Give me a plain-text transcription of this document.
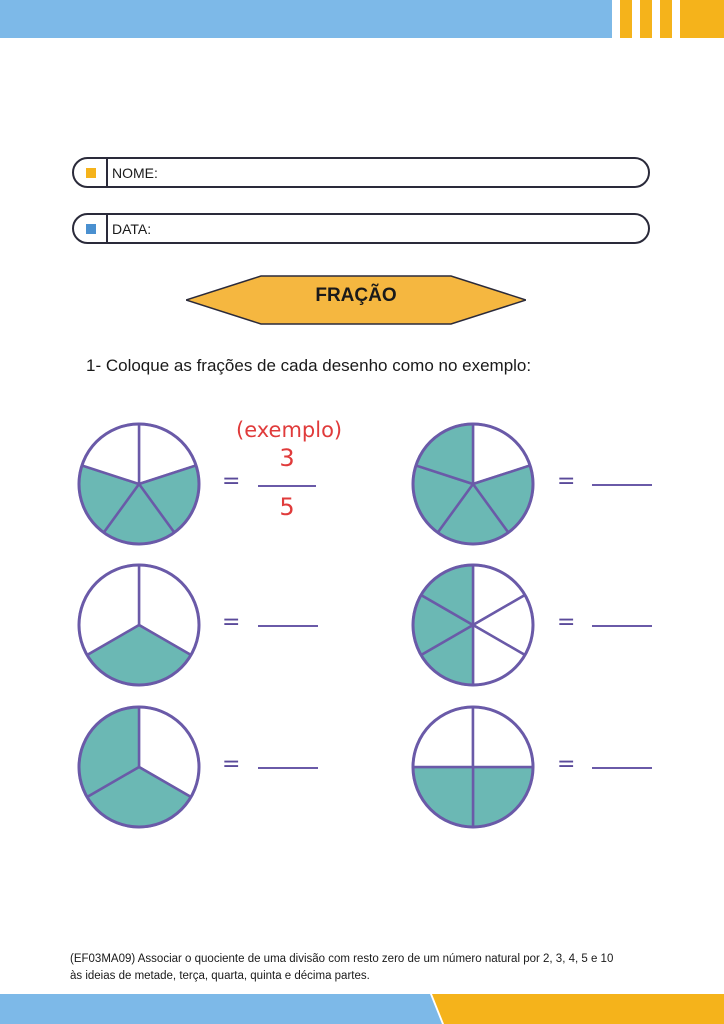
NOME:
DATA:
FRAÇÃO
1- Coloque as frações de cada desenho como no exemplo:
(exemplo)
3
5
=	=
=	=
=	=
(EF03MA09) Associar o quociente de uma divisão com resto zero de um número natural por 2, 3, 4, 5 e 10
às ideias de metade, terça, quarta, quinta e décima partes.
